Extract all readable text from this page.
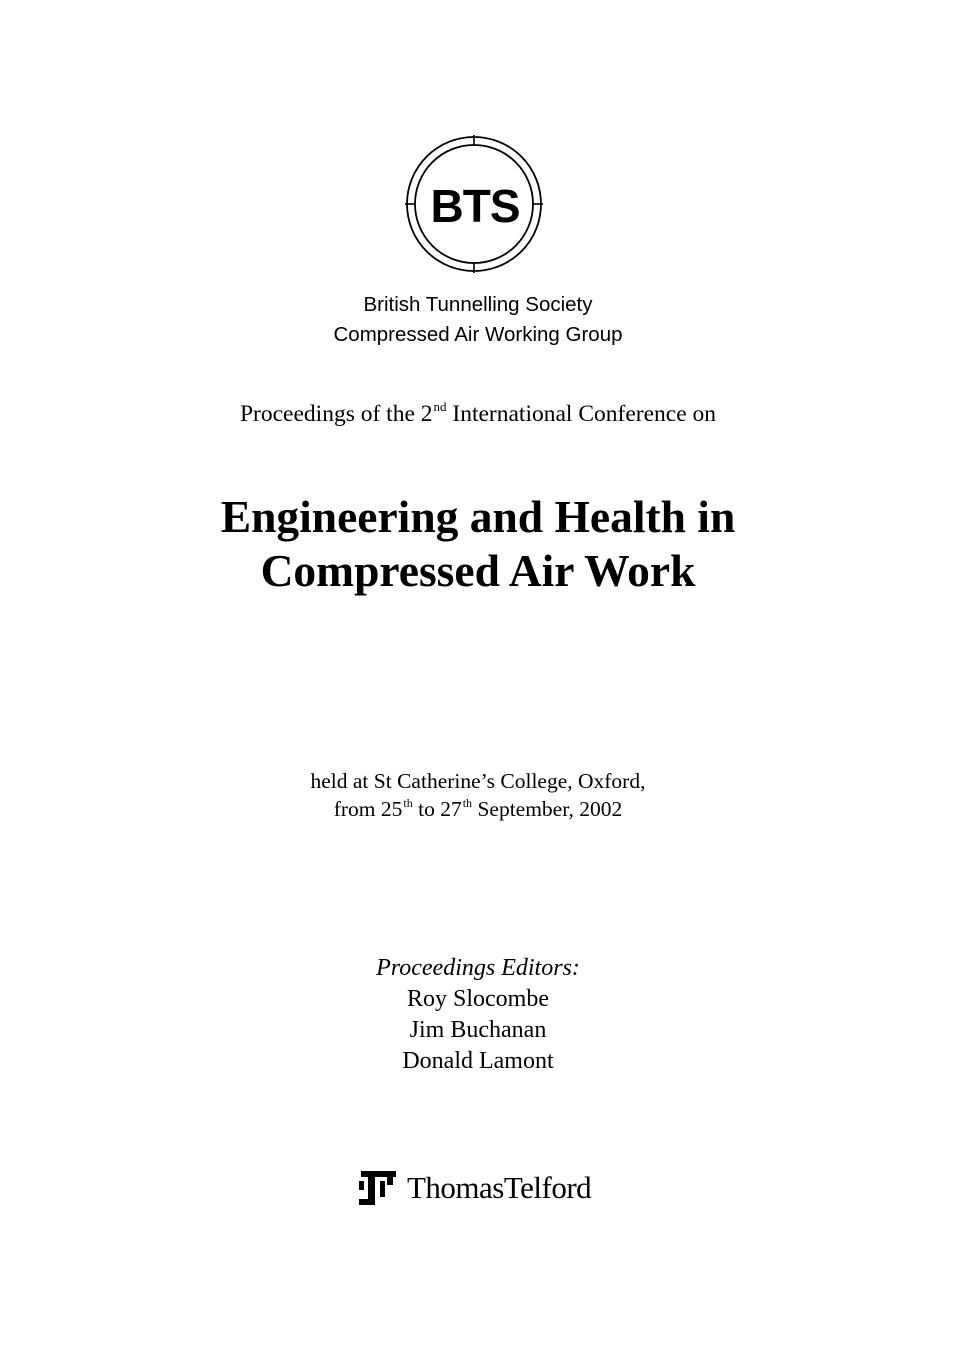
BTS
British Tunnelling Society
Compressed Air Working Group
Proceedings of the 2nd International Conference on
Engineering and Health in
Compressed Air Work
held at St Catherine’s College, Oxford,
from 25th to 27th September, 2002
Proceedings Editors:
Roy Slocombe
Jim Buchanan
Donald Lamont
ThomasTelford
